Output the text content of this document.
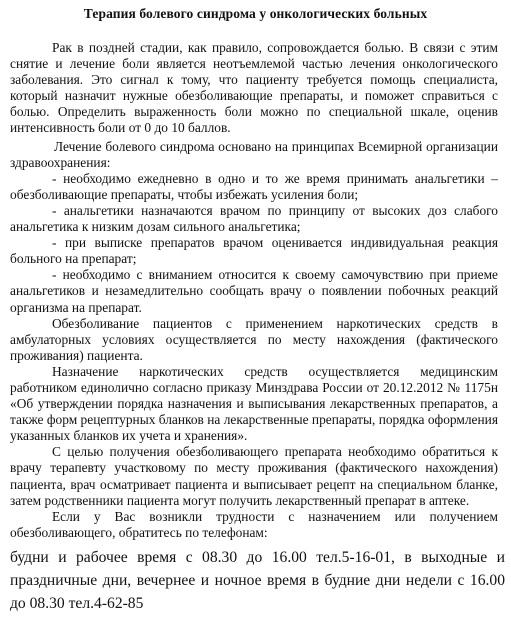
Терапия болевого синдрома у онкологических больных

Рак в поздней стадии, как правило, сопровождается болью. В связи с этим снятие и лечение боли является неотъемлемой частью лечения онкологического заболевания. Это сигнал к тому, что пациенту требуется помощь специалиста, который назначит нужные обезболивающие препараты, и поможет справиться с болью. Определить выраженность боли можно по специальной шкале, оценив интенсивность боли от 0 до 10 баллов.

Лечение болевого синдрома основано на принципах Всемирной организации здравоохранения:

- необходимо ежедневно в одно и то же время принимать анальгетики – обезболивающие препараты, чтобы избежать усиления боли;

- анальгетики назначаются врачом по принципу от высоких доз слабого анальгетика к низким дозам сильного анальгетика;

- при выписке препаратов врачом оценивается индивидуальная реакция больного на препарат;

- необходимо с вниманием относится к своему самочувствию при приеме анальгетиков и незамедлительно сообщать врачу о появлении побочных реакций организма на препарат.

Обезболивание пациентов с применением наркотических средств в амбулаторных условиях осуществляется по месту нахождения (фактического проживания) пациента.

Назначение наркотических средств осуществляется медицинским работником единолично согласно приказу Минздрава России от 20.12.2012 № 1175н «Об утверждении порядка назначения и выписывания лекарственных препаратов, а также форм рецептурных бланков на лекарственные препараты, порядка оформления указанных бланков их учета и хранения».

С целью получения обезболивающего препарата необходимо обратиться к врачу терапевту участковому по месту проживания (фактического нахождения) пациента, врач осматривает пациента и выписывает рецепт на специальном бланке, затем родственники пациента могут получить лекарственный препарат в аптеке.

Если у Вас возникли трудности с назначением или получением обезболивающего, обратитесь по телефонам:

будни и рабочее время с 08.30 до 16.00 тел.5-16-01, в выходные и праздничные дни, вечернее и ночное время в будние дни недели с 16.00 до 08.30 тел.4-62-85
